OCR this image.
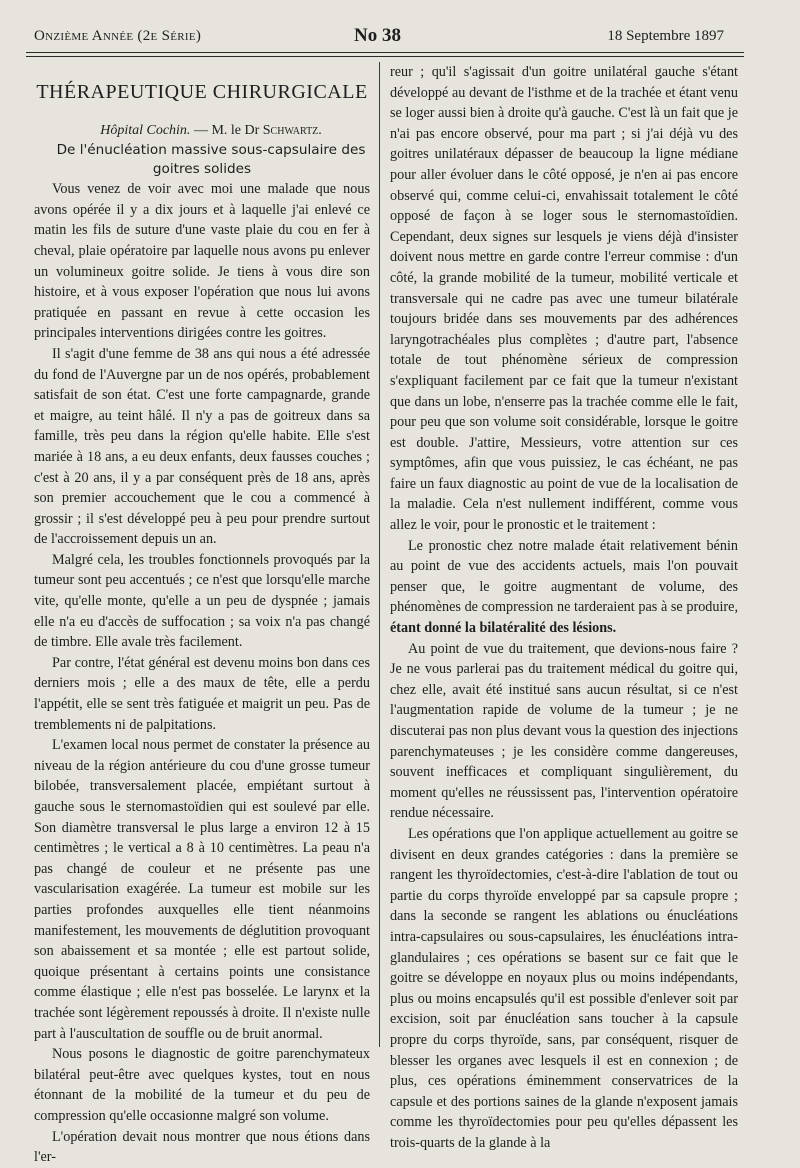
Onzième Année (2e Série)	No 38	18 Septembre 1897
THÉRAPEUTIQUE CHIRURGICALE

Hôpital Cochin. — M. le Dr Schwartz.

De l'énucléation massive sous-capsulaire des goitres solides

Vous venez de voir avec moi une malade que nous avons opérée il y a dix jours et à laquelle j'ai enlevé ce matin les fils de suture d'une vaste plaie du cou en fer à cheval, plaie opératoire par laquelle nous avons pu enlever un volumineux goitre solide. Je tiens à vous dire son histoire, et à vous exposer l'opération que nous lui avons pratiquée en passant en revue à cette occasion les principales interventions dirigées contre les goitres.

Il s'agit d'une femme de 38 ans qui nous a été adressée du fond de l'Auvergne par un de nos opérés, probablement satisfait de son état. C'est une forte campagnarde, grande et maigre, au teint hâlé. Il n'y a pas de goitreux dans sa famille, très peu dans la région qu'elle habite. Elle s'est mariée à 18 ans, a eu deux enfants, deux fausses couches ; c'est à 20 ans, il y a par conséquent près de 18 ans, après son premier accouchement que le cou a commencé à grossir ; il s'est développé peu à peu pour prendre surtout de l'accroissement depuis un an.

Malgré cela, les troubles fonctionnels provoqués par la tumeur sont peu accentués ; ce n'est que lorsqu'elle marche vite, qu'elle monte, qu'elle a un peu de dyspnée ; jamais elle n'a eu d'accès de suffocation ; sa voix n'a pas changé de timbre. Elle avale très facilement.

Par contre, l'état général est devenu moins bon dans ces derniers mois ; elle a des maux de tête, elle a perdu l'appétit, elle se sent très fatiguée et maigrit un peu. Pas de tremblements ni de palpitations.

L'examen local nous permet de constater la présence au niveau de la région antérieure du cou d'une grosse tumeur bilobée, transversalement placée, empiétant surtout à gauche sous le sternomastoïdien qui est soulevé par elle. Son diamètre transversal le plus large a environ 12 à 15 centimètres ; le vertical a 8 à 10 centimètres. La peau n'a pas changé de couleur et ne présente pas une vascularisation exagérée. La tumeur est mobile sur les parties profondes auxquelles elle tient néanmoins manifestement, les mouvements de déglutition provoquant son abaissement et sa montée ; elle est partout solide, quoique présentant à certains points une consistance comme élastique ; elle n'est pas bosselée. Le larynx et la trachée sont légèrement repoussés à droite. Il n'existe nulle part à l'auscultation de souffle ou de bruit anormal.

Nous posons le diagnostic de goitre parenchymateux bilatéral peut-être avec quelques kystes, tout en nous étonnant de la mobilité de la tumeur et du peu de compression qu'elle occasionne malgré son volume.

L'opération devait nous montrer que nous étions dans l'er-

reur ; qu'il s'agissait d'un goitre unilatéral gauche s'étant développé au devant de l'isthme et de la trachée et étant venu se loger aussi bien à droite qu'à gauche. C'est là un fait que je n'ai pas encore observé, pour ma part ; si j'ai déjà vu des goitres unilatéraux dépasser de beaucoup la ligne médiane pour aller évoluer dans le côté opposé, je n'en ai pas encore observé qui, comme celui-ci, envahissait totalement le côté opposé de façon à se loger sous le sternomastoïdien. Cependant, deux signes sur lesquels je viens déjà d'insister doivent nous mettre en garde contre l'erreur commise : d'un côté, la grande mobilité de la tumeur, mobilité verticale et transversale qui ne cadre pas avec une tumeur bilatérale toujours bridée dans ses mouvements par des adhérences laryngotrachéales plus complètes ; d'autre part, l'absence totale de tout phénomène sérieux de compression s'expliquant facilement par ce fait que la tumeur n'existant que dans un lobe, n'enserre pas la trachée comme elle le fait, pour peu que son volume soit considérable, lorsque le goitre est double. J'attire, Messieurs, votre attention sur ces symptômes, afin que vous puissiez, le cas échéant, ne pas faire un faux diagnostic au point de vue de la localisation de la maladie. Cela n'est nullement indifférent, comme vous allez le voir, pour le pronostic et le traitement :

Le pronostic chez notre malade était relativement bénin au point de vue des accidents actuels, mais l'on pouvait penser que, le goitre augmentant de volume, des phénomènes de compression ne tarderaient pas à se produire, étant donné la bilatéralité des lésions.

Au point de vue du traitement, que devions-nous faire ? Je ne vous parlerai pas du traitement médical du goitre qui, chez elle, avait été institué sans aucun résultat, si ce n'est l'augmentation rapide de volume de la tumeur ; je ne discuterai pas non plus devant vous la question des injections parenchymateuses ; je les considère comme dangereuses, souvent inefficaces et compliquant singulièrement, du moment qu'elles ne réussissent pas, l'intervention opératoire rendue nécessaire.

Les opérations que l'on applique actuellement au goitre se divisent en deux grandes catégories : dans la première se rangent les thyroïdectomies, c'est-à-dire l'ablation de tout ou partie du corps thyroïde enveloppé par sa capsule propre ; dans la seconde se rangent les ablations ou énucléations intra-capsulaires ou sous-capsulaires, les énucléations intra-glandulaires ; ces opérations se basent sur ce fait que le goitre se développe en noyaux plus ou moins indépendants, plus ou moins encapsulés qu'il est possible d'enlever soit par excision, soit par énucléation sans toucher à la capsule propre du corps thyroïde, sans, par conséquent, risquer de blesser les organes avec lesquels il est en connexion ; de plus, ces opérations éminemment conservatrices de la capsule et des portions saines de la glande n'exposent jamais comme les thyroïdectomies pour peu qu'elles dépassent les trois-quarts de la glande à la
